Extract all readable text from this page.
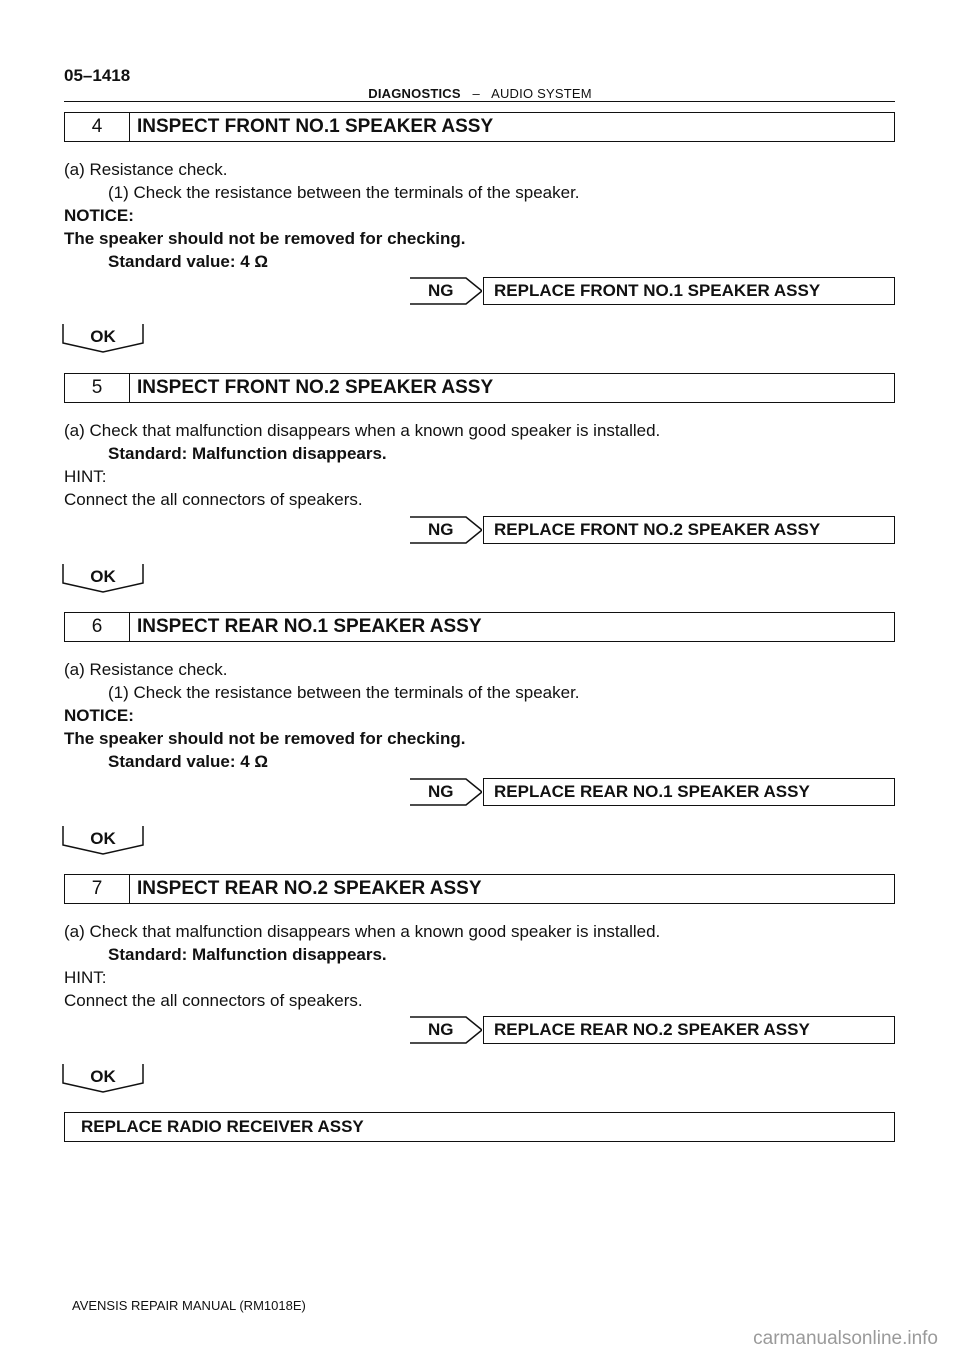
05–1418
DIAGNOSTICS – AUDIO SYSTEM
4	INSPECT FRONT NO.1 SPEAKER ASSY
(a) Resistance check.
(1) Check the resistance between the terminals of the speaker.
NOTICE:
The speaker should not be removed for checking.
Standard value: 4 Ω
NG REPLACE FRONT NO.1 SPEAKER ASSY
OK
5	INSPECT FRONT NO.2 SPEAKER ASSY
(a) Check that malfunction disappears when a known good speaker is installed.
Standard: Malfunction disappears.
HINT:
Connect the all connectors of speakers.
NG REPLACE FRONT NO.2 SPEAKER ASSY
OK
6	INSPECT REAR NO.1 SPEAKER ASSY
(a) Resistance check.
(1) Check the resistance between the terminals of the speaker.
NOTICE:
The speaker should not be removed for checking.
Standard value: 4 Ω
NG REPLACE REAR NO.1 SPEAKER ASSY
OK
7	INSPECT REAR NO.2 SPEAKER ASSY
(a) Check that malfunction disappears when a known good speaker is installed.
Standard: Malfunction disappears.
HINT:
Connect the all connectors of speakers.
NG REPLACE REAR NO.2 SPEAKER ASSY
OK
REPLACE RADIO RECEIVER ASSY
AVENSIS REPAIR MANUAL (RM1018E)
carmanualsonline.info
